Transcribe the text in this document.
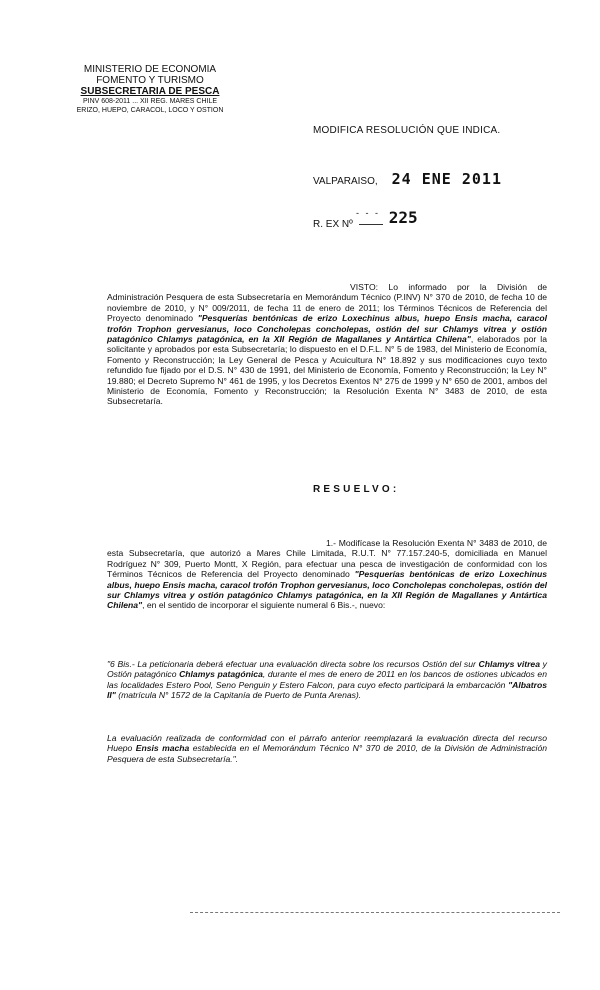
MINISTERIO DE ECONOMIA
FOMENTO Y TURISMO
SUBSECRETARIA DE PESCA
PINV 608-2011 ... XII REG. MARES CHILE
ERIZO, HUEPO, CARACOL, LOCO Y OSTION
MODIFICA RESOLUCIÓN QUE INDICA.
VALPARAISO, 24 ENE 2011
- - -
R. EX Nº 225
VISTO: Lo informado por la División de Administración Pesquera de esta Subsecretaría en Memorándum Técnico (P.INV) N° 370 de 2010, de fecha 10 de noviembre de 2010, y N° 009/2011, de fecha 11 de enero de 2011; los Términos Técnicos de Referencia del Proyecto denominado "Pesquerías bentónicas de erizo Loxechinus albus, huepo Ensis macha, caracol trofón Trophon gervesianus, loco Concholepas concholepas, ostión del sur Chlamys vitrea y ostión patagónico Chlamys patagónica, en la XII Región de Magallanes y Antártica Chilena", elaborados por la solicitante y aprobados por esta Subsecretaría; lo dispuesto en el D.F.L. N° 5 de 1983, del Ministerio de Economía, Fomento y Reconstrucción; la Ley General de Pesca y Acuicultura N° 18.892 y sus modificaciones cuyo texto refundido fue fijado por el D.S. N° 430 de 1991, del Ministerio de Economía, Fomento y Reconstrucción; la Ley N° 19.880; el Decreto Supremo N° 461 de 1995, y los Decretos Exentos N° 275 de 1999 y N° 650 de 2001, ambos del Ministerio de Economía, Fomento y Reconstrucción; la Resolución Exenta N° 3483 de 2010, de esta Subsecretaría.
RESUELVO:
1.- Modifícase la Resolución Exenta N° 3483 de 2010, de esta Subsecretaría, que autorizó a Mares Chile Limitada, R.U.T. N° 77.157.240-5, domiciliada en Manuel Rodríguez N° 309, Puerto Montt, X Región, para efectuar una pesca de investigación de conformidad con los Términos Técnicos de Referencia del Proyecto denominado "Pesquerías bentónicas de erizo Loxechinus albus, huepo Ensis macha, caracol trofón Trophon gervesianus, loco Concholepas concholepas, ostión del sur Chlamys vitrea y ostión patagónico Chlamys patagónica, en la XII Región de Magallanes y Antártica Chilena", en el sentido de incorporar el siguiente numeral 6 Bis.-, nuevo:
"6 Bis.- La peticionaria deberá efectuar una evaluación directa sobre los recursos Ostión del sur Chlamys vitrea y Ostión patagónico Chlamys patagónica, durante el mes de enero de 2011 en los bancos de ostiones ubicados en las localidades Estero Pool, Seno Penguin y Estero Falcon, para cuyo efecto participará la embarcación "Albatros II" (matrícula N° 1572 de la Capitanía de Puerto de Punta Arenas).
La evaluación realizada de conformidad con el párrafo anterior reemplazará la evaluación directa del recurso Huepo Ensis macha establecida en el Memorándum Técnico N° 370 de 2010, de la División de Administración Pesquera de esta Subsecretaría.".
